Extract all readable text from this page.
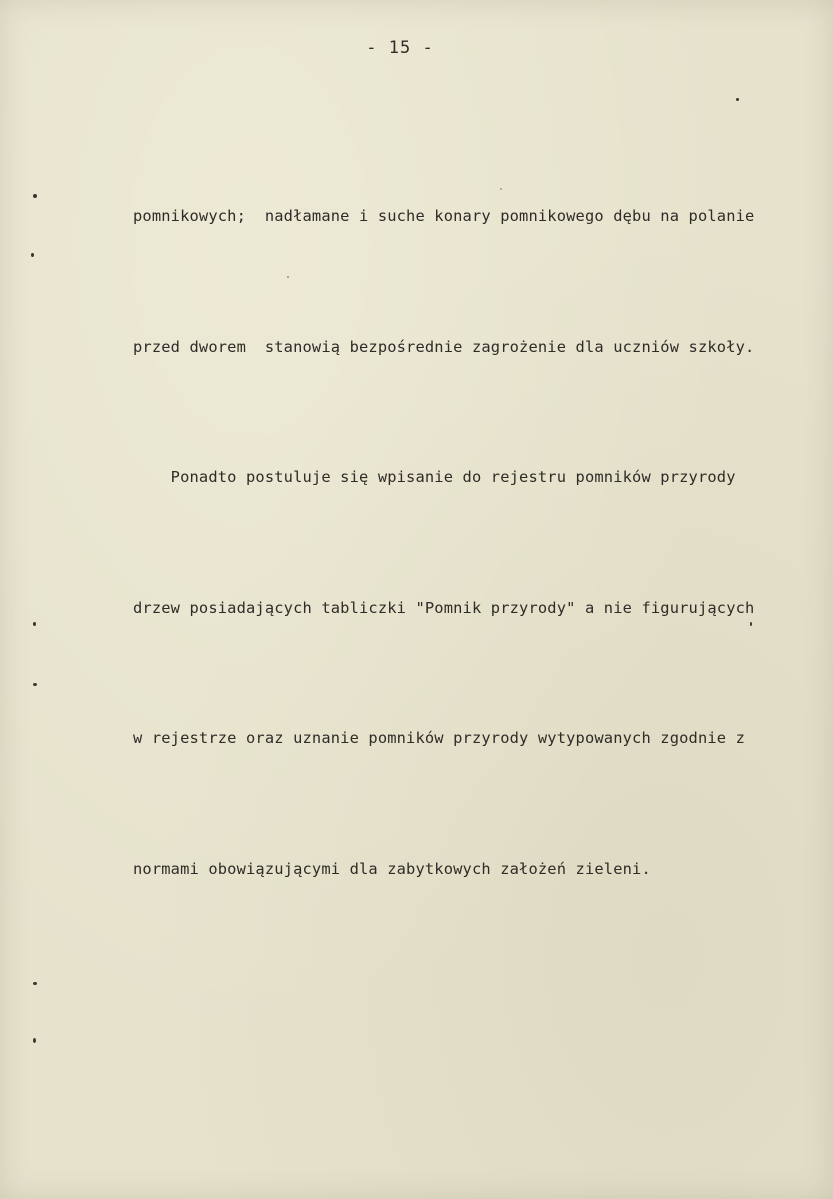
- 15 -

pomnikowych;  nadłamane i suche konary pomnikowego dębu na polanie

przed dworem  stanowią bezpośrednie zagrożenie dla uczniów szkoły.

Ponadto postuluje się wpisanie do rejestru pomników przyrody

drzew posiadających tabliczki "Pomnik przyrody" a nie figurujących

w rejestrze oraz uznanie pomników przyrody wytypowanych zgodnie z

normami obowiązującymi dla zabytkowych założeń zieleni.
